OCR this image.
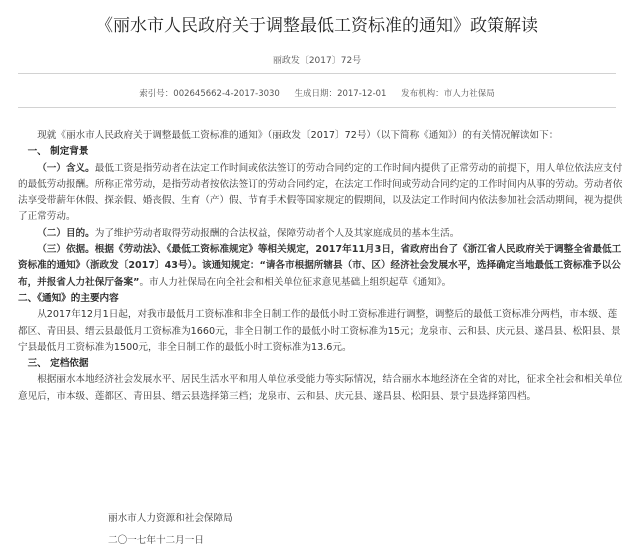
《丽水市人民政府关于调整最低工资标准的通知》政策解读
丽政发〔2017〕72号
索引号：002645662-4-2017-3030 生成日期：2017-12-01 发布机构：市人力社保局

现就《丽水市人民政府关于调整最低工资标准的通知》（丽政发〔2017〕72号）（以下简称《通知》）的有关情况解读如下：

一、 制定背景

（一）含义。最低工资是指劳动者在法定工作时间或依法签订的劳动合同约定的工作时间内提供了正常劳动的前提下，用人单位依法应支付的最低劳动报酬。所称正常劳动，是指劳动者按依法签订的劳动合同约定，在法定工作时间或劳动合同约定的工作时间内从事的劳动。劳动者依法享受带薪年休假、探亲假、婚丧假、生育（产）假、节育手术假等国家规定的假期间，以及法定工作时间内依法参加社会活动期间，视为提供了正常劳动。

（二）目的。为了维护劳动者取得劳动报酬的合法权益，保障劳动者个人及其家庭成员的基本生活。

（三）依据。根据《劳动法》、《最低工资标准规定》等相关规定，2017年11月3日，省政府出台了《浙江省人民政府关于调整全省最低工资标准的通知》（浙政发〔2017〕43号）。该通知规定：“请各市根据所辖县（市、区）经济社会发展水平，选择确定当地最低工资标准予以公布，并报省人力社保厅备案”。市人力社保局在向全社会和相关单位征求意见基础上组织起草《通知》。

二、《通知》的主要内容

从2017年12月1日起，对我市最低月工资标准和非全日制工作的最低小时工资标准进行调整，调整后的最低工资标准分两档，市本级、莲都区、青田县、缙云县最低月工资标准为1660元，非全日制工作的最低小时工资标准为15元；龙泉市、云和县、庆元县、遂昌县、松阳县、景宁县最低月工资标准为1500元，非全日制工作的最低小时工资标准为13.6元。

三、 定档依据

根据丽水本地经济社会发展水平、居民生活水平和用人单位承受能力等实际情况，结合丽水本地经济在全省的对比，征求全社会和相关单位意见后，市本级、莲都区、青田县、缙云县选择第三档；龙泉市、云和县、庆元县、遂昌县、松阳县、景宁县选择第四档。

丽水市人力资源和社会保障局
二〇一七年十二月一日
